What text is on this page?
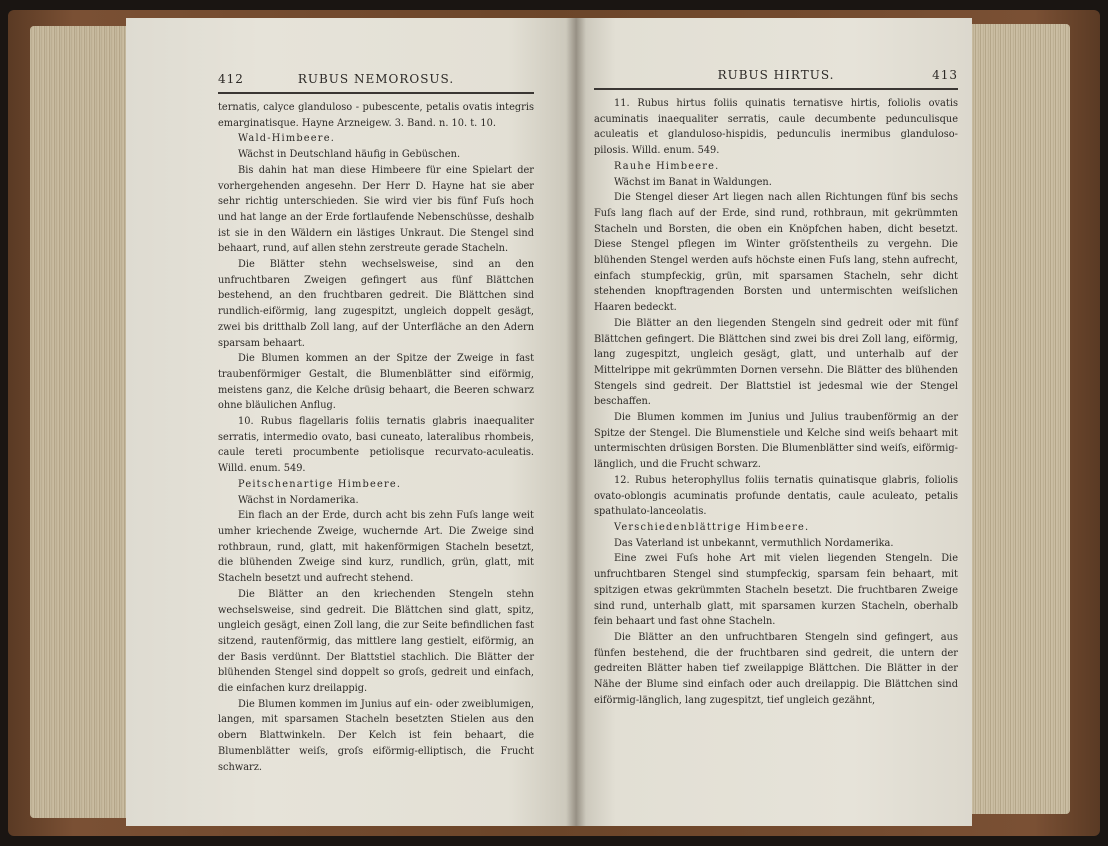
412	RUBUS NEMOROSUS.

ternatis, calyce glanduloso - pubescente, petalis ovatis integris emarginatisque. Hayne Arzneigew. 3. Band. n. 10. t. 10.

Wald-Himbeere.

Wächst in Deutschland häufig in Gebüschen.

Bis dahin hat man diese Himbeere für eine Spielart der vorhergehenden angesehn. Der Herr D. Hayne hat sie aber sehr richtig unterschieden. Sie wird vier bis fünf Fuſs hoch und hat lange an der Erde fortlaufende Nebenschüsse, deshalb ist sie in den Wäldern ein lästiges Unkraut. Die Stengel sind behaart, rund, auf allen stehn zerstreute gerade Stacheln.

Die Blätter stehn wechselsweise, sind an den unfruchtbaren Zweigen gefingert aus fünf Blättchen bestehend, an den fruchtbaren gedreit. Die Blättchen sind rundlich-eiförmig, lang zugespitzt, ungleich doppelt gesägt, zwei bis dritthalb Zoll lang, auf der Unterfläche an den Adern sparsam behaart.

Die Blumen kommen an der Spitze der Zweige in fast traubenförmiger Gestalt, die Blumenblätter sind eiförmig, meistens ganz, die Kelche drüsig behaart, die Beeren schwarz ohne bläulichen Anflug.

10. Rubus flagellaris foliis ternatis glabris inaequaliter serratis, intermedio ovato, basi cuneato, lateralibus rhombeis, caule tereti procumbente petiolisque recurvato-aculeatis. Willd. enum. 549.

Peitschenartige Himbeere.

Wächst in Nordamerika.

Ein flach an der Erde, durch acht bis zehn Fuſs lange weit umher kriechende Zweige, wuchernde Art. Die Zweige sind rothbraun, rund, glatt, mit hakenförmigen Stacheln besetzt, die blühenden Zweige sind kurz, rundlich, grün, glatt, mit Stacheln besetzt und aufrecht stehend.

Die Blätter an den kriechenden Stengeln stehn wechselsweise, sind gedreit. Die Blättchen sind glatt, spitz, ungleich gesägt, einen Zoll lang, die zur Seite befindlichen fast sitzend, rautenförmig, das mittlere lang gestielt, eiförmig, an der Basis verdünnt. Der Blattstiel stachlich. Die Blätter der blühenden Stengel sind doppelt so groſs, gedreit und einfach, die einfachen kurz dreilappig.

Die Blumen kommen im Junius auf ein- oder zweiblumigen, langen, mit sparsamen Stacheln besetzten Stielen aus den obern Blattwinkeln. Der Kelch ist fein behaart, die Blumenblätter weiſs, groſs eiförmig-elliptisch, die Frucht schwarz.

RUBUS HIRTUS.	413

11. Rubus hirtus foliis quinatis ternatisve hirtis, foliolis ovatis acuminatis inaequaliter serratis, caule decumbente pedunculisque aculeatis et glanduloso-hispidis, pedunculis inermibus glanduloso-pilosis. Willd. enum. 549.

Rauhe Himbeere.

Wächst im Banat in Waldungen.

Die Stengel dieser Art liegen nach allen Richtungen fünf bis sechs Fuſs lang flach auf der Erde, sind rund, rothbraun, mit gekrümmten Stacheln und Borsten, die oben ein Knöpfchen haben, dicht besetzt. Diese Stengel pflegen im Winter gröſstentheils zu vergehn. Die blühenden Stengel werden aufs höchste einen Fuſs lang, stehn aufrecht, einfach stumpfeckig, grün, mit sparsamen Stacheln, sehr dicht stehenden knopftragenden Borsten und untermischten weiſslichen Haaren bedeckt.

Die Blätter an den liegenden Stengeln sind gedreit oder mit fünf Blättchen gefingert. Die Blättchen sind zwei bis drei Zoll lang, eiförmig, lang zugespitzt, ungleich gesägt, glatt, und unterhalb auf der Mittelrippe mit gekrümmten Dornen versehn. Die Blätter des blühenden Stengels sind gedreit. Der Blattstiel ist jedesmal wie der Stengel beschaffen.

Die Blumen kommen im Junius und Julius traubenförmig an der Spitze der Stengel. Die Blumenstiele und Kelche sind weiſs behaart mit untermischten drüsigen Borsten. Die Blumenblätter sind weiſs, eiförmig-länglich, und die Frucht schwarz.

12. Rubus heterophyllus foliis ternatis quinatisque glabris, foliolis ovato-oblongis acuminatis profunde dentatis, caule aculeato, petalis spathulato-lanceolatis.

Verschiedenblättrige Himbeere.

Das Vaterland ist unbekannt, vermuthlich Nordamerika.

Eine zwei Fuſs hohe Art mit vielen liegenden Stengeln. Die unfruchtbaren Stengel sind stumpfeckig, sparsam fein behaart, mit spitzigen etwas gekrümmten Stacheln besetzt. Die fruchtbaren Zweige sind rund, unterhalb glatt, mit sparsamen kurzen Stacheln, oberhalb fein behaart und fast ohne Stacheln.

Die Blätter an den unfruchtbaren Stengeln sind gefingert, aus fünfen bestehend, die der fruchtbaren sind gedreit, die untern der gedreiten Blätter haben tief zweilappige Blättchen. Die Blätter in der Nähe der Blume sind einfach oder auch dreilappig. Die Blättchen sind eiförmig-länglich, lang zugespitzt, tief ungleich gezähnt,
